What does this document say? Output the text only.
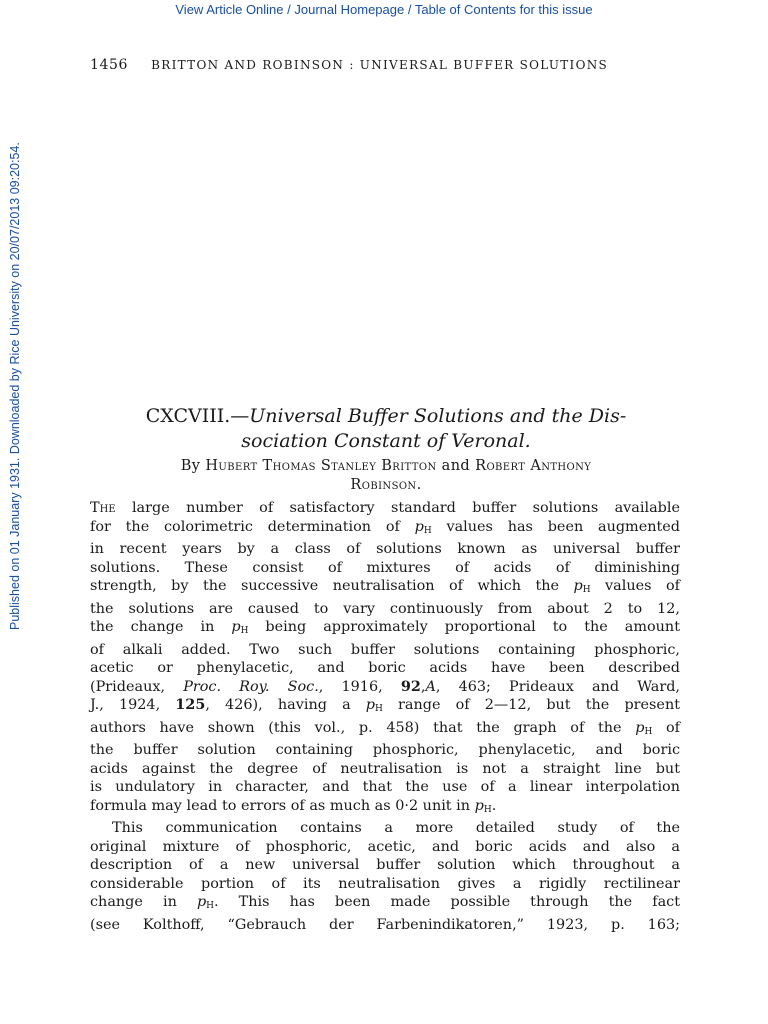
View Article Online / Journal Homepage / Table of Contents for this issue
Published on 01 January 1931. Downloaded by Rice University on 20/07/2013 09:20:54.
1456 BRITTON AND ROBINSON : UNIVERSAL BUFFER SOLUTIONS
CXCVIII.—Universal Buffer Solutions and the Dis-
sociation Constant of Veronal.
By Hubert Thomas Stanley Britton and Robert Anthony
Robinson.

The large number of satisfactory standard buffer solutions available
for the colorimetric determination of $p_H$ values has been augmented
in recent years by a class of solutions known as universal buffer
solutions. These consist of mixtures of acids of diminishing
strength, by the successive neutralisation of which the $p_H$ values of
the solutions are caused to vary continuously from about 2 to 12,
the change in $p_H$ being approximately proportional to the amount
of alkali added. Two such buffer solutions containing phosphoric,
acetic or phenylacetic, and boric acids have been described
(Prideaux, Proc. Roy. Soc., 1916, 92,A, 463; Prideaux and Ward,
J., 1924, 125, 426), having a $p_H$ range of 2—12, but the present
authors have shown (this vol., p. 458) that the graph of the $p_H$ of
the buffer solution containing phosphoric, phenylacetic, and boric
acids against the degree of neutralisation is not a straight line but
is undulatory in character, and that the use of a linear interpolation
formula may lead to errors of as much as 0·2 unit in $p_H$.

This communication contains a more detailed study of the
original mixture of phosphoric, acetic, and boric acids and also a
description of a new universal buffer solution which throughout a
considerable portion of its neutralisation gives a rigidly rectilinear
change in $p_H$. This has been made possible through the fact
(see Kolthoff, “Gebrauch der Farbenindikatoren,” 1923, p. 163;
